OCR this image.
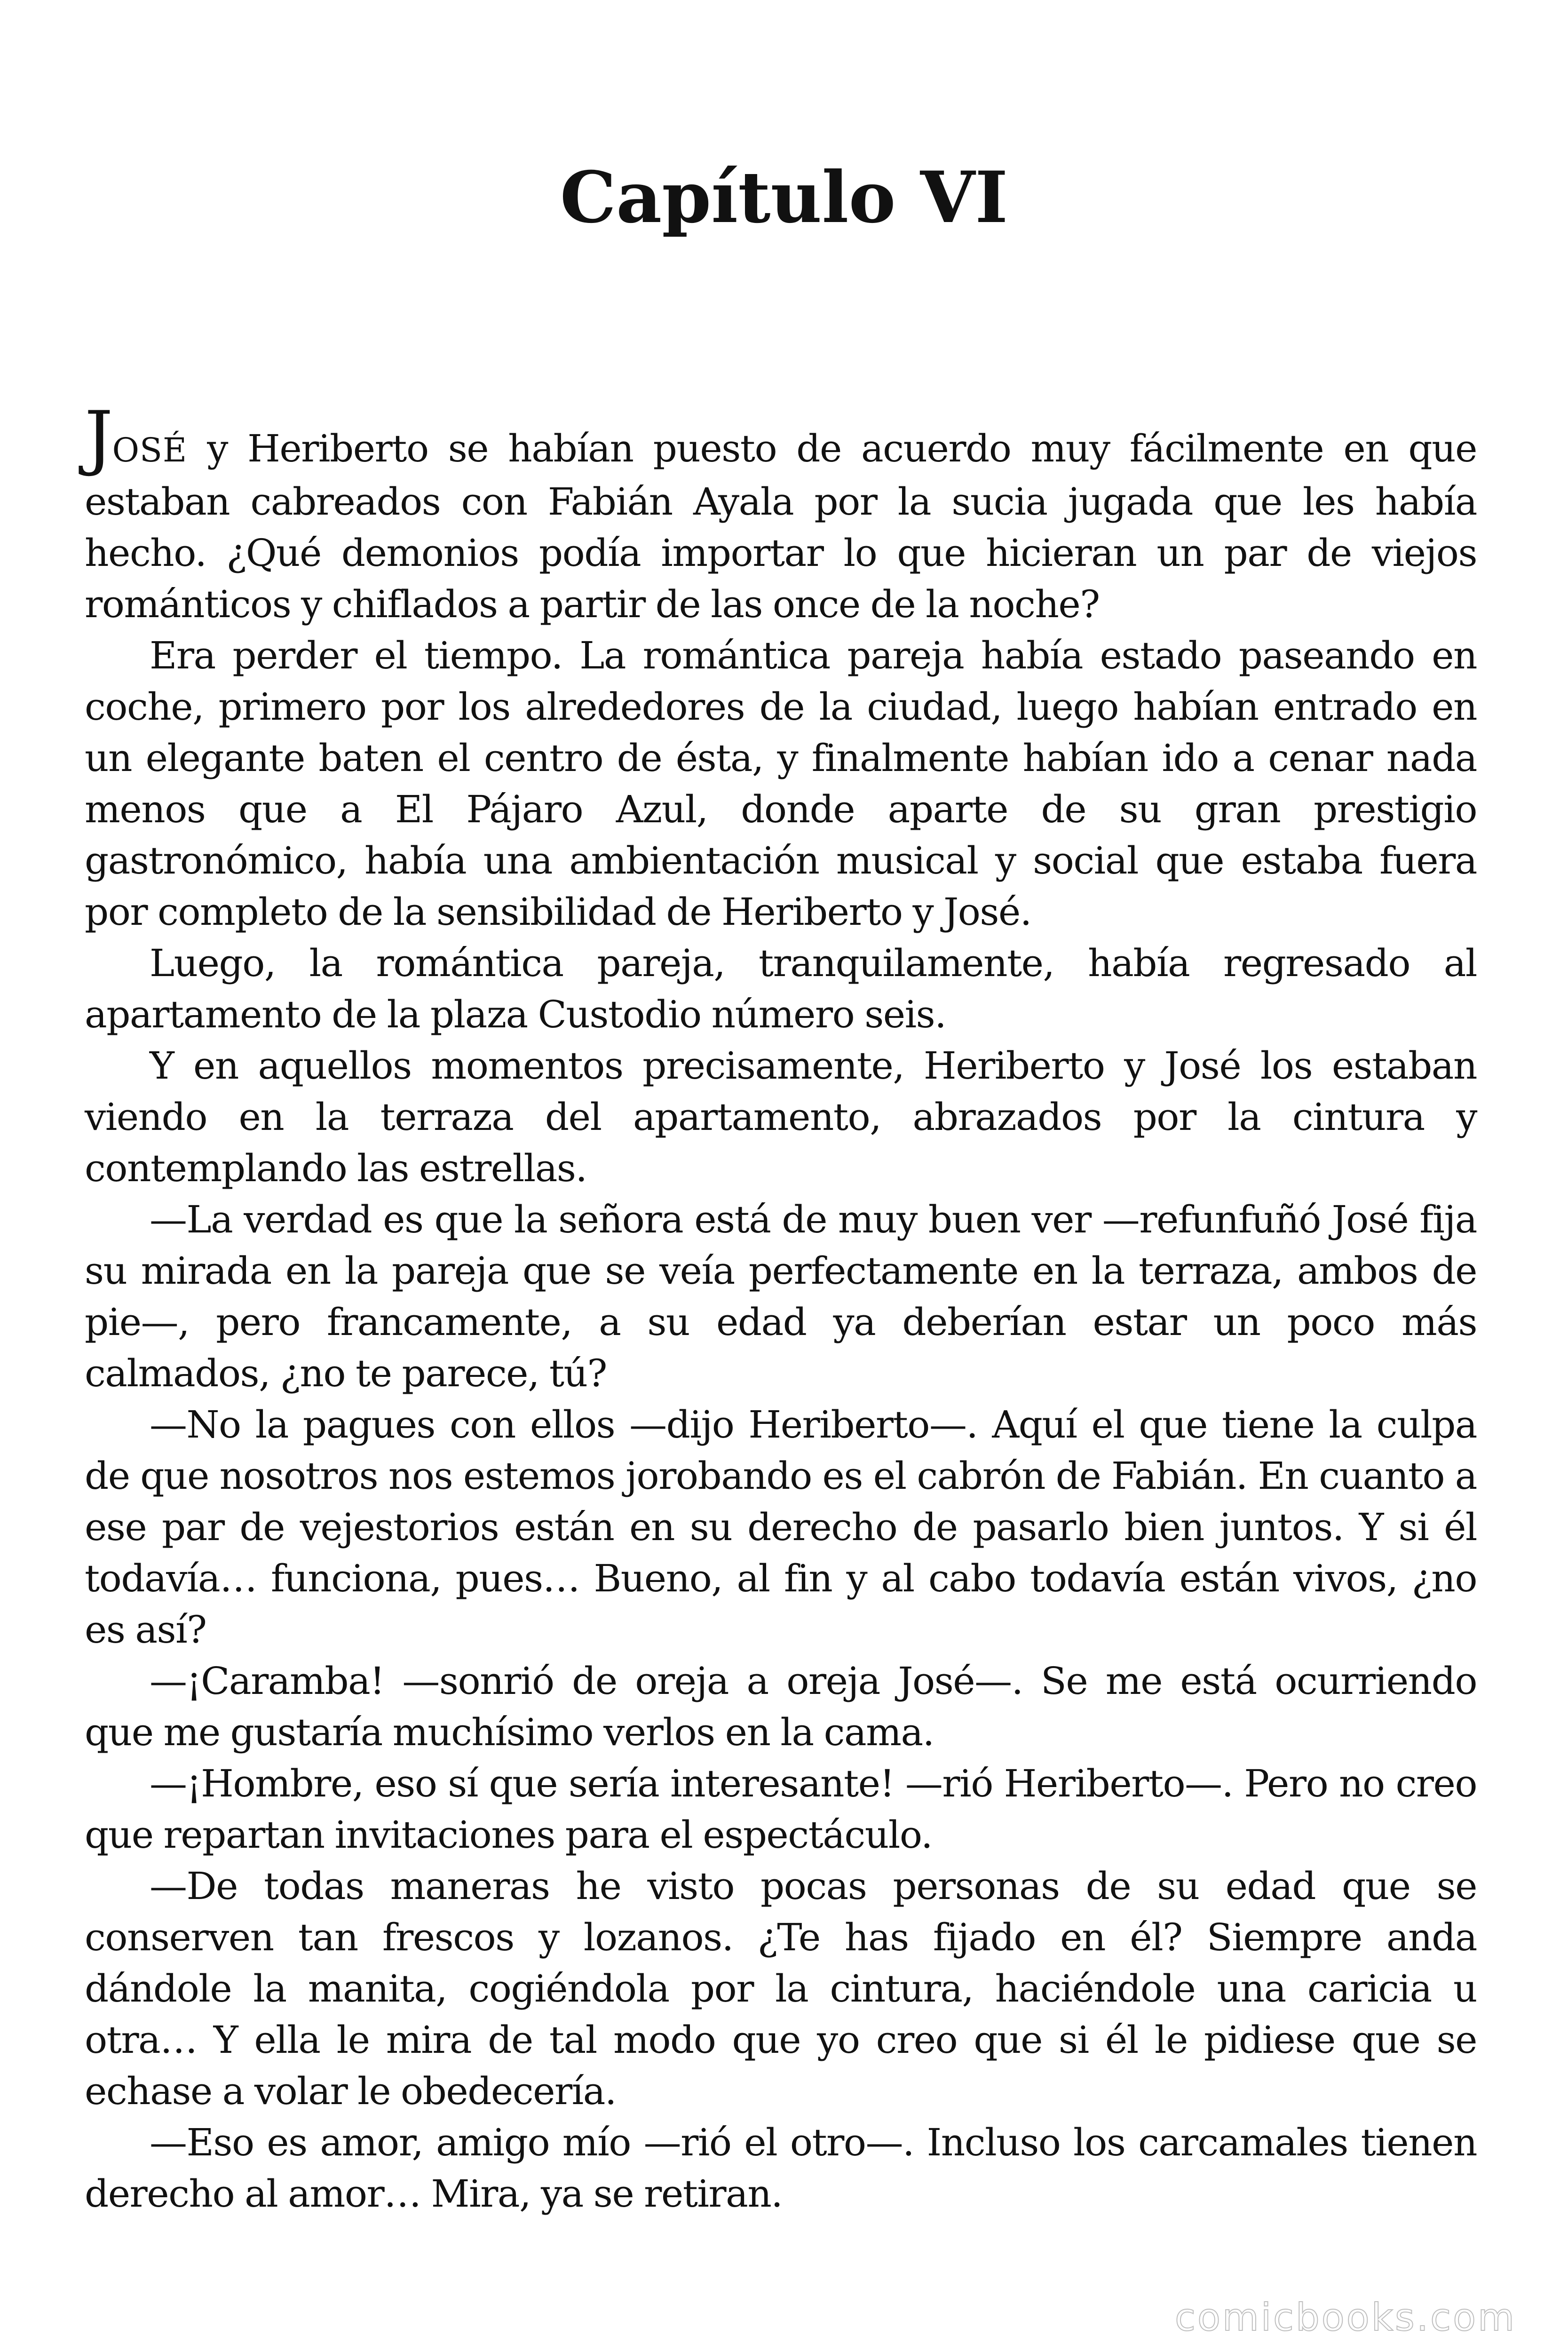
Capítulo VI

JOSÉ y Heriberto se habían puesto de acuerdo muy fácilmente en que estaban cabreados con Fabián Ayala por la sucia jugada que les había hecho. ¿Qué demonios podía importar lo que hicieran un par de viejos románticos y chiflados a partir de las once de la noche?

Era perder el tiempo. La romántica pareja había estado paseando en coche, primero por los alrededores de la ciudad, luego habían entrado en un elegante baten el centro de ésta, y finalmente habían ido a cenar nada menos que a El Pájaro Azul, donde aparte de su gran prestigio gastronómico, había una ambientación musical y social que estaba fuera por completo de la sensibilidad de Heriberto y José.

Luego, la romántica pareja, tranquilamente, había regresado al apartamento de la plaza Custodio número seis.

Y en aquellos momentos precisamente, Heriberto y José los estaban viendo en la terraza del apartamento, abrazados por la cintura y contemplando las estrellas.

—La verdad es que la señora está de muy buen ver —refunfuñó José fija su mirada en la pareja que se veía perfectamente en la terraza, ambos de pie—, pero francamente, a su edad ya deberían estar un poco más calmados, ¿no te parece, tú?

—No la pagues con ellos —dijo Heriberto—. Aquí el que tiene la culpa de que nosotros nos estemos jorobando es el cabrón de Fabián. En cuanto a ese par de vejestorios están en su derecho de pasarlo bien juntos. Y si él todavía… funciona, pues… Bueno, al fin y al cabo todavía están vivos, ¿no es así?

—¡Caramba! —sonrió de oreja a oreja José—. Se me está ocurriendo que me gustaría muchísimo verlos en la cama.

—¡Hombre, eso sí que sería interesante! —rió Heriberto—. Pero no creo que repartan invitaciones para el espectáculo.

—De todas maneras he visto pocas personas de su edad que se conserven tan frescos y lozanos. ¿Te has fijado en él? Siempre anda dándole la manita, cogiéndola por la cintura, haciéndole una caricia u otra… Y ella le mira de tal modo que yo creo que si él le pidiese que se echase a volar le obedecería.

—Eso es amor, amigo mío —rió el otro—. Incluso los carcamales tienen derecho al amor… Mira, ya se retiran.

comicbooks.com
